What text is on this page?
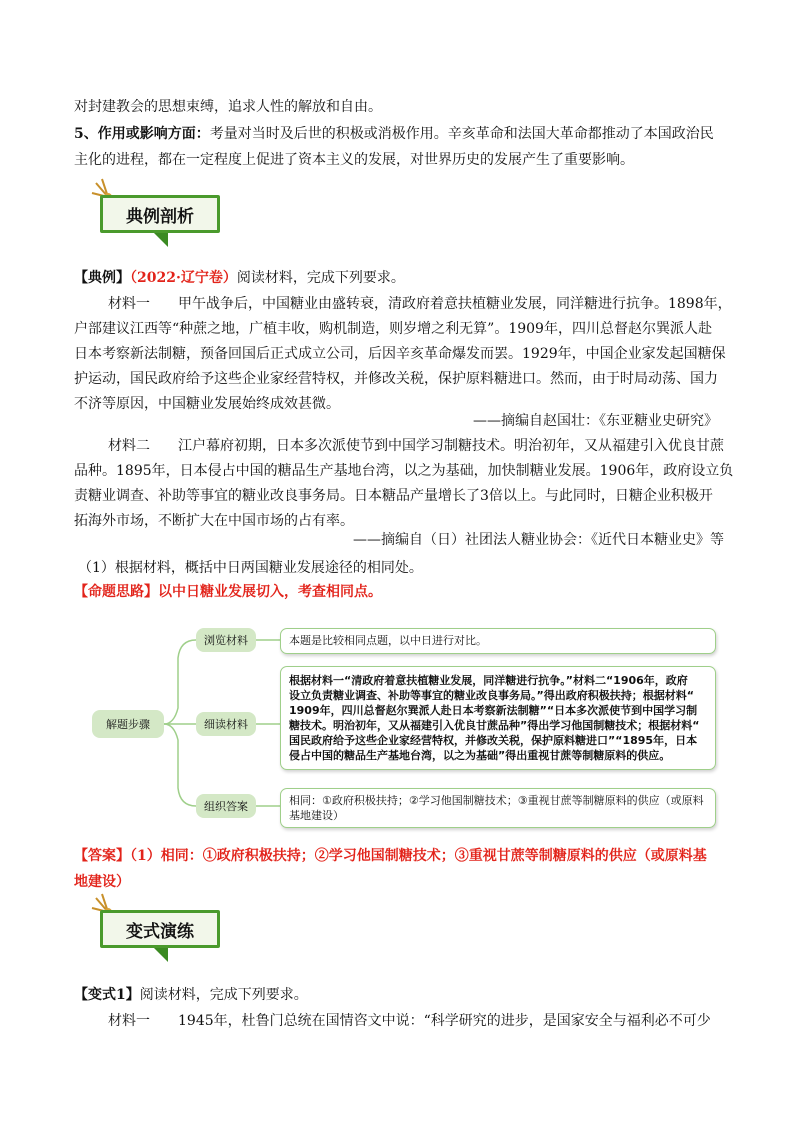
对封建教会的思想束缚，追求人性的解放和自由。
5、作用或影响方面：考量对当时及后世的积极或消极作用。辛亥革命和法国大革命都推动了本国政治民
主化的进程，都在一定程度上促进了资本主义的发展，对世界历史的发展产生了重要影响。
典例剖析
【典例】（2022·辽宁卷）阅读材料，完成下列要求。
材料一　　甲午战争后，中国糖业由盛转衰，清政府着意扶植糖业发展，同洋糖进行抗争。1898年，
户部建议江西等“种蔗之地，广植丰收，购机制造，则岁增之利无算”。1909年，四川总督赵尔巽派人赴
日本考察新法制糖，预备回国后正式成立公司，后因辛亥革命爆发而罢。1929年，中国企业家发起国糖保
护运动，国民政府给予这些企业家经营特权，并修改关税，保护原料糖进口。然而，由于时局动荡、国力
不济等原因，中国糖业发展始终成效甚微。
——摘编自赵国壮：《东亚糖业史研究》
材料二　　江户幕府初期，日本多次派使节到中国学习制糖技术。明治初年，又从福建引入优良甘蔗
品种。1895年，日本侵占中国的糖品生产基地台湾，以之为基础，加快制糖业发展。1906年，政府设立负
责糖业调查、补助等事宜的糖业改良事务局。日本糖品产量增长了3倍以上。与此同时，日糖企业积极开
拓海外市场，不断扩大在中国市场的占有率。
——摘编自（日）社团法人糖业协会：《近代日本糖业史》等
（1）根据材料，概括中日两国糖业发展途径的相同处。
【命题思路】以中日糖业发展切入，考查相同点。
解题步骤
浏览材料
细读材料
组织答案
本题是比较相同点题，以中日进行对比。
根据材料一“清政府着意扶植糖业发展，同洋糖进行抗争。”材料二“1906年，政府
设立负责糖业调查、补助等事宜的糖业改良事务局。”得出政府积极扶持；根据材料“
1909年，四川总督赵尔巽派人赴日本考察新法制糖”“日本多次派使节到中国学习制
糖技术。明治初年，又从福建引入优良甘蔗品种”得出学习他国制糖技术；根据材料“
国民政府给予这些企业家经营特权，并修改关税，保护原料糖进口”“1895年，日本
侵占中国的糖品生产基地台湾，以之为基础”得出重视甘蔗等制糖原料的供应。
相同：①政府积极扶持；②学习他国制糖技术；③重视甘蔗等制糖原料的供应（或原料
基地建设）
【答案】（1）相同：①政府积极扶持；②学习他国制糖技术；③重视甘蔗等制糖原料的供应（或原料基
地建设）
变式演练
【变式1】阅读材料，完成下列要求。
材料一　　1945年，杜鲁门总统在国情咨文中说：“科学研究的进步，是国家安全与福利必不可少
